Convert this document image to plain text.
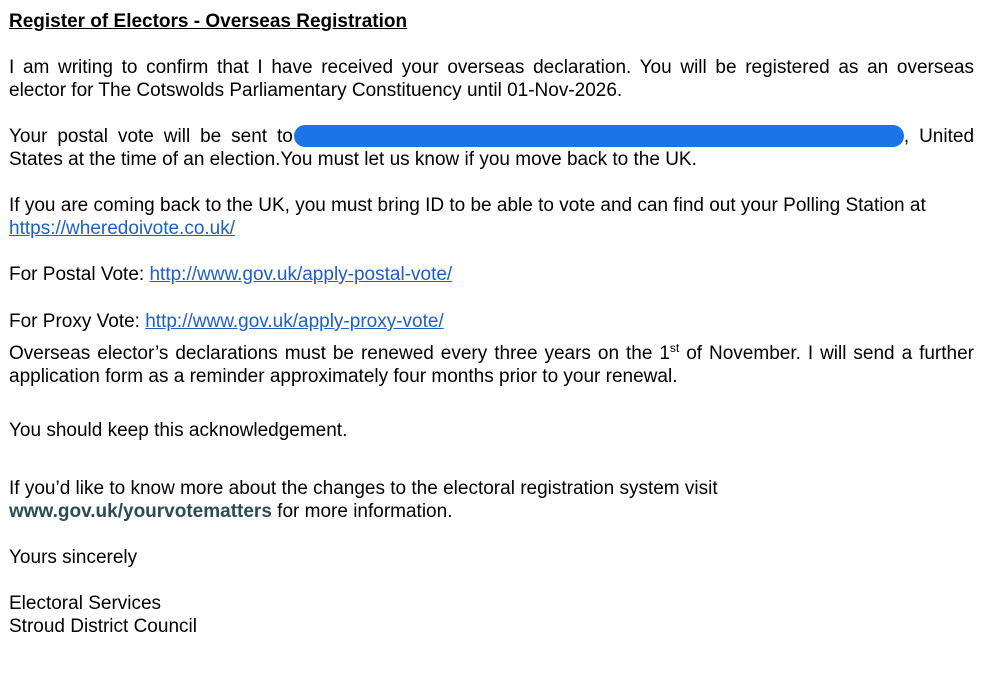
Register of Electors - Overseas Registration

I am writing to confirm that I have received your overseas declaration. You will be registered as an overseas elector for The Cotswolds Parliamentary Constituency until 01-Nov-2026.

Your postal vote will be sent to	, United States at the time of an election.You must let us know if you move back to the UK.

If you are coming back to the UK, you must bring ID to be able to vote and can find out your Polling Station at
https://wheredoivote.co.uk/

For Postal Vote: http://www.gov.uk/apply-postal-vote/

For Proxy Vote: http://www.gov.uk/apply-proxy-vote/

Overseas elector’s declarations must be renewed every three years on the 1st of November. I will send a further application form as a reminder approximately four months prior to your renewal.

You should keep this acknowledgement.

If you’d like to know more about the changes to the electoral registration system visit
www.gov.uk/yourvotematters for more information.

Yours sincerely

Electoral Services
Stroud District Council
